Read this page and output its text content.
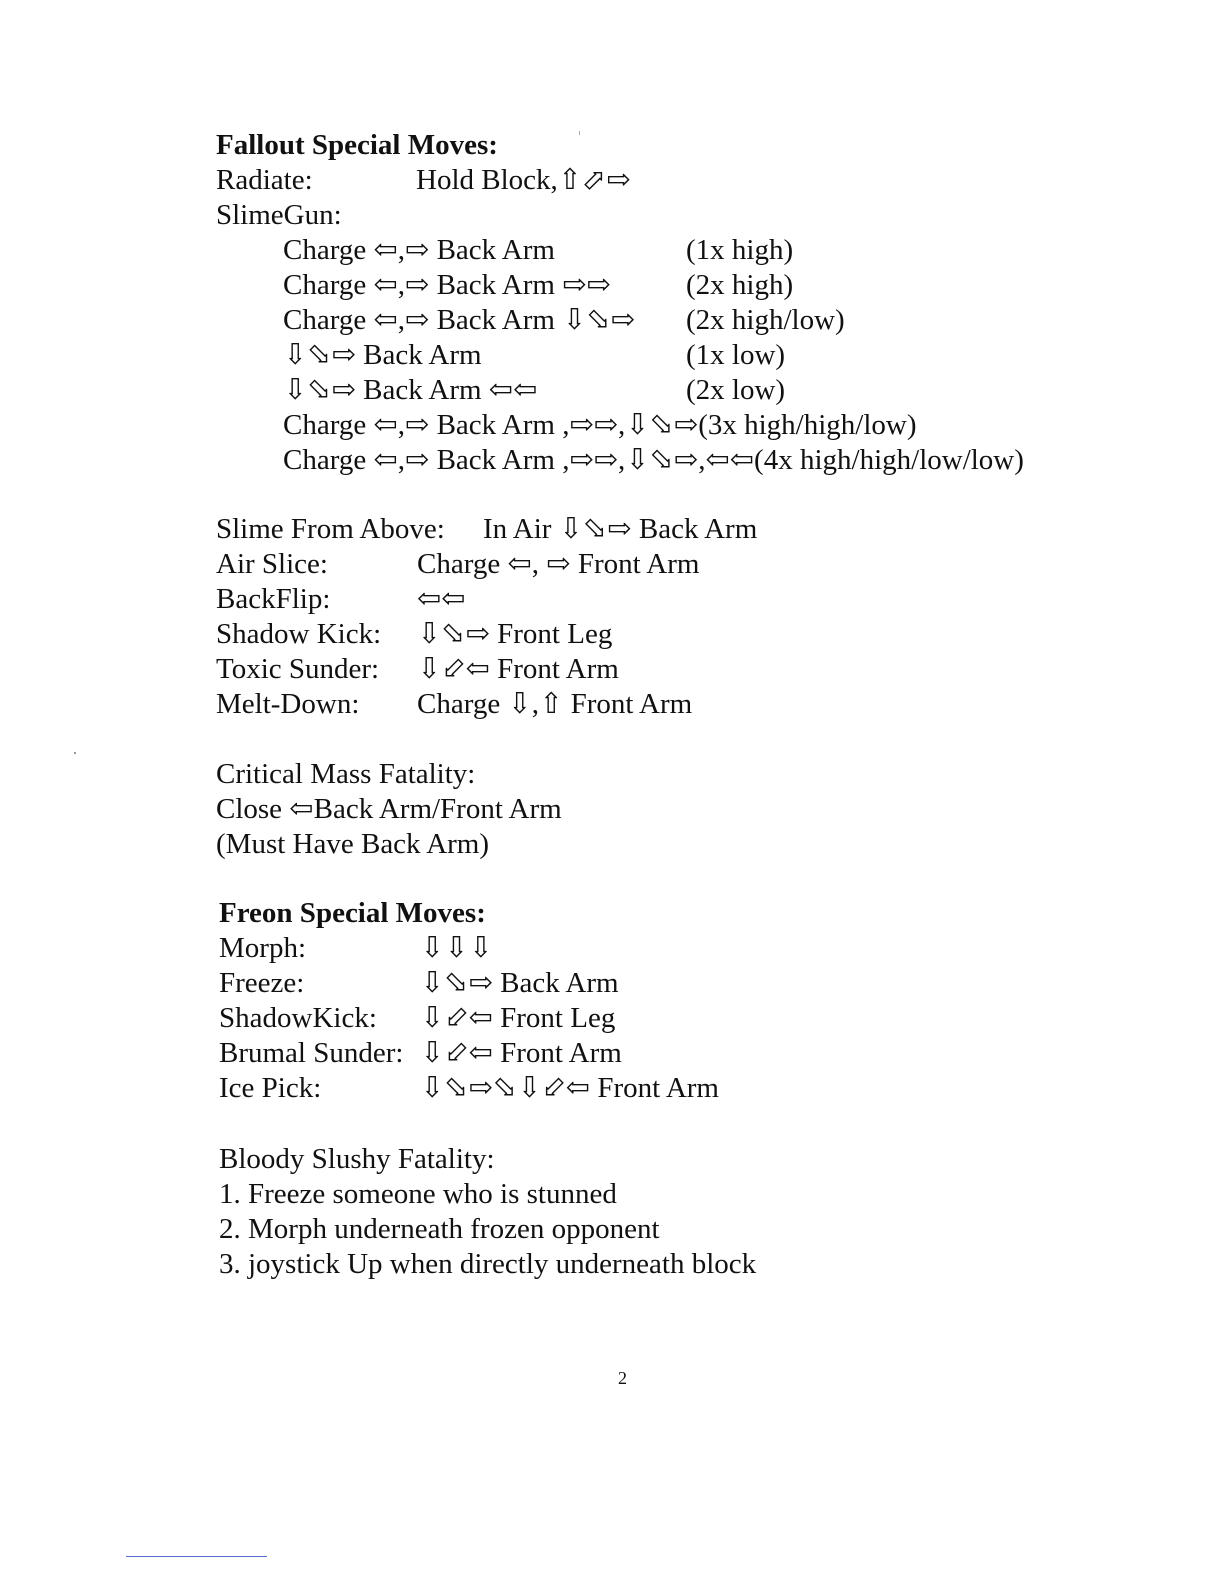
Fallout Special Moves:
Radiate:	Hold Block,⇧⬀⇨
SlimeGun:
Charge ⇦,⇨ Back Arm	(1x high)
Charge ⇦,⇨ Back Arm ⇨⇨	(2x high)
Charge ⇦,⇨ Back Arm ⇩⬂⇨ (2x high/low)
⇩⬂⇨ Back Arm	(1x low)
⇩⬂⇨ Back Arm ⇦⇦	(2x low)
Charge ⇦,⇨ Back Arm ,⇨⇨,⇩⬂⇨(3x high/high/low)
Charge ⇦,⇨ Back Arm ,⇨⇨,⇩⬂⇨,⇦⇦(4x high/high/low/low)
Slime From Above: In Air ⇩⬂⇨ Back Arm
Air Slice:	Charge ⇦, ⇨ Front Arm
BackFlip:	⇦⇦
Shadow Kick: ⇩⬂⇨ Front Leg
Toxic Sunder: ⇩⬃⇦ Front Arm
Melt-Down: Charge ⇩,⇧ Front Arm
Critical Mass Fatality:
Close ⇦Back Arm/Front Arm
(Must Have Back Arm)
Freon Special Moves:
Morph:	⇩⇩⇩
Freeze:	⇩⬂⇨ Back Arm
ShadowKick: ⇩⬃⇦ Front Leg
Brumal Sunder: ⇩⬃⇦ Front Arm
Ice Pick:	⇩⬂⇨⬂⇩⬃⇦ Front Arm
Bloody Slushy Fatality:
1. Freeze someone who is stunned
2. Morph underneath frozen opponent
3. joystick Up when directly underneath block
2
